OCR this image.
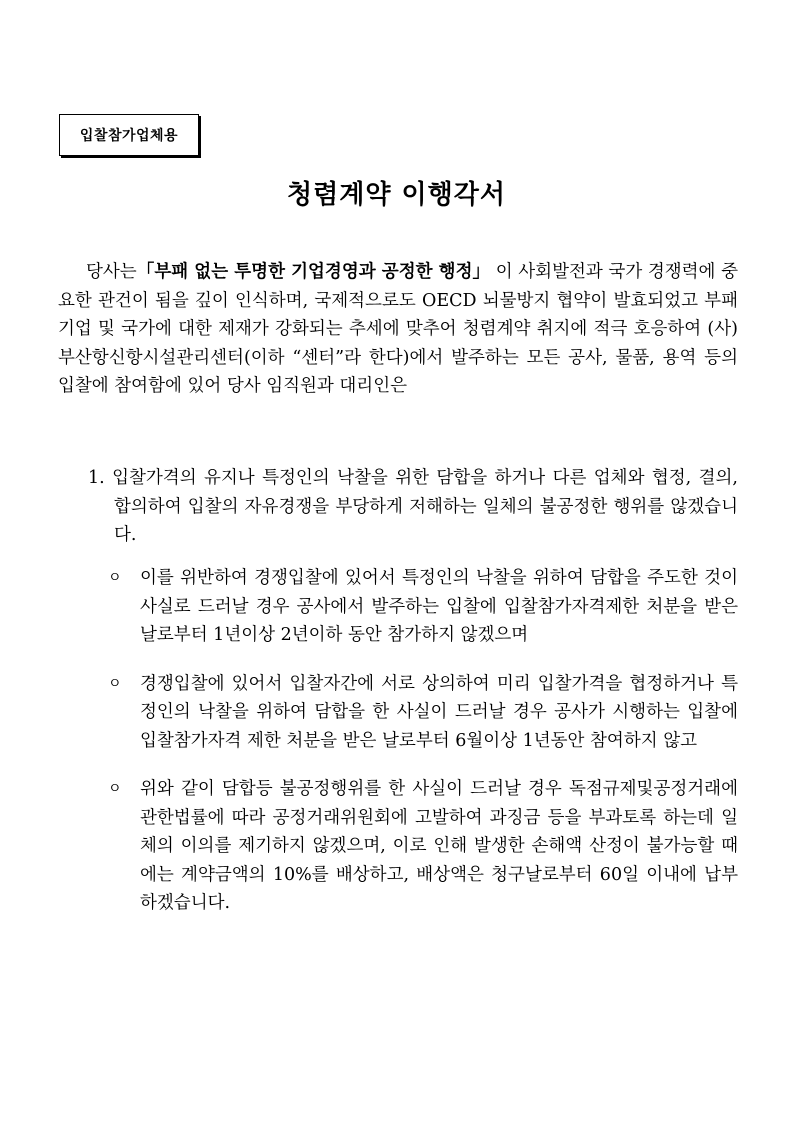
입찰참가업체용
청렴계약 이행각서
당사는「부패 없는 투명한 기업경영과 공정한 행정」 이 사회발전과 국가 경쟁력에 중요한 관건이 됨을 깊이 인식하며, 국제적으로도 OECD 뇌물방지 협약이 발효되었고 부패기업 및 국가에 대한 제재가 강화되는 추세에 맞추어 청렴계약 취지에 적극 호응하여 (사)부산항신항시설관리센터(이하 “센터”라 한다)에서 발주하는 모든 공사, 물품, 용역 등의 입찰에 참여함에 있어 당사 임직원과 대리인은
1. 입찰가격의 유지나 특정인의 낙찰을 위한 담합을 하거나 다른 업체와 협정, 결의, 합의하여 입찰의 자유경쟁을 부당하게 저해하는 일체의 불공정한 행위를 않겠습니다.
ㅇ	이를 위반하여 경쟁입찰에 있어서 특정인의 낙찰을 위하여 담합을 주도한 것이 사실로 드러날 경우 공사에서 발주하는 입찰에 입찰참가자격제한 처분을 받은 날로부터 1년이상 2년이하 동안 참가하지 않겠으며
ㅇ	경쟁입찰에 있어서 입찰자간에 서로 상의하여 미리 입찰가격을 협정하거나 특정인의 낙찰을 위하여 담합을 한 사실이 드러날 경우 공사가 시행하는 입찰에 입찰참가자격 제한 처분을 받은 날로부터 6월이상 1년동안 참여하지 않고
ㅇ	위와 같이 담합등 불공정행위를 한 사실이 드러날 경우 독점규제및공정거래에 관한법률에 따라 공정거래위원회에 고발하여 과징금 등을 부과토록 하는데 일체의 이의를 제기하지 않겠으며, 이로 인해 발생한 손해액 산정이 불가능할 때에는 계약금액의 10%를 배상하고, 배상액은 청구날로부터 60일 이내에 납부하겠습니다.
